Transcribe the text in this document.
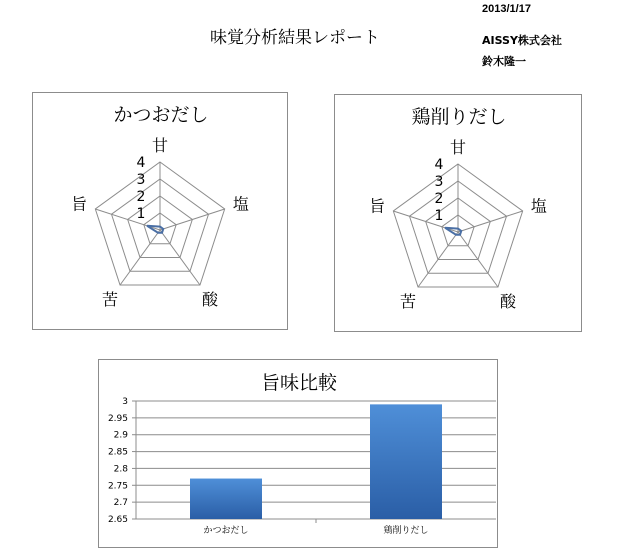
味覚分析結果レポート
2013/1/17
AISSY株式会社
鈴木隆一
かつおだし
1
2
3
4
甘
塩
酸
苦
旨
鶏削りだし
1
2
3
4
甘
塩
酸
苦
旨
旨味比較
3
2.95
2.9
2.85
2.8
2.75
2.7
2.65
かつおだし	鶏削りだし
